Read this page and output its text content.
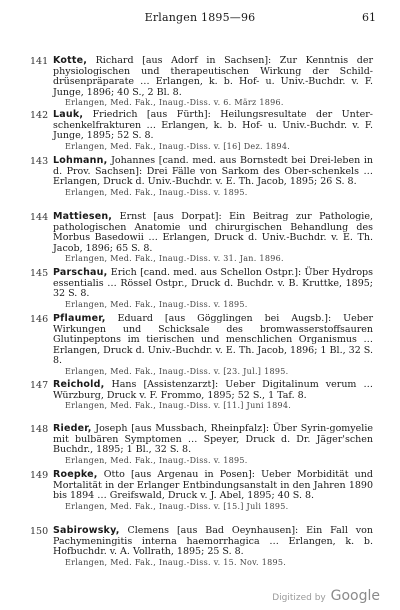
Erlangen 1895—96	61
141 Kotte, Richard [aus Adorf in Sachsen]: Zur Kenntnis der physiologischen und therapeutischen Wirkung der Schild-drüsenpräparate … Erlangen, k. b. Hof- u. Univ.-Buchdr. v. F. Junge, 1896; 40 S., 2 Bl. 8.
Erlangen, Med. Fak., Inaug.-Diss. v. 6. März 1896.
142 Lauk, Friedrich [aus Fürth]: Heilungsresultate der Unter-schenkelfrakturen … Erlangen, k. b. Hof- u. Univ.-Buchdr. v. F. Junge, 1895; 52 S. 8.
Erlangen, Med. Fak., Inaug.-Diss. v. [16] Dez. 1894.
143 Lohmann, Johannes [cand. med. aus Bornstedt bei Drei-leben in d. Prov. Sachsen]: Drei Fälle von Sarkom des Ober-schenkels … Erlangen, Druck d. Univ.-Buchdr. v. E. Th. Jacob, 1895; 26 S. 8.
Erlangen, Med. Fak., Inaug.-Diss. v. 1895.
144 Mattiesen, Ernst [aus Dorpat]: Ein Beitrag zur Pathologie, pathologischen Anatomie und chirurgischen Behandlung des Morbus Basedowii … Erlangen, Druck d. Univ.-Buchdr. v. E. Th. Jacob, 1896; 65 S. 8.
Erlangen, Med. Fak., Inaug.-Diss. v. 31. Jan. 1896.
145 Parschau, Erich [cand. med. aus Schellon Ostpr.]: Über Hydrops essentialis … Rössel Ostpr., Druck d. Buchdr. v. B. Kruttke, 1895; 32 S. 8.
Erlangen, Med. Fak., Inaug.-Diss. v. 1895.
146 Pflaumer, Eduard [aus Gögglingen bei Augsb.]: Ueber Wirkungen und Schicksale des bromwasserstoffsauren Glutinpeptons im tierischen und menschlichen Organismus … Erlangen, Druck d. Univ.-Buchdr. v. E. Th. Jacob, 1896; 1 Bl., 32 S. 8.
Erlangen, Med. Fak., Inaug.-Diss. v. [23. Jul.] 1895.
147 Reichold, Hans [Assistenzarzt]: Ueber Digitalinum verum … Würzburg, Druck v. F. Frommo, 1895; 52 S., 1 Taf. 8.
Erlangen, Med. Fak., Inaug.-Diss. v. [11.] Juni 1894.
148 Rieder, Joseph [aus Mussbach, Rheinpfalz]: Über Syrin-gomyelie mit bulbären Symptomen … Speyer, Druck d. Dr. Jäger'schen Buchdr., 1895; 1 Bl., 32 S. 8.
Erlangen, Med. Fak., Inaug.-Diss. v. 1895.
149 Roepke, Otto [aus Argenau in Posen]: Ueber Morbidität und Mortalität in der Erlanger Entbindungsanstalt in den Jahren 1890 bis 1894 … Greifswald, Druck v. J. Abel, 1895; 40 S. 8.
Erlangen, Med. Fak., Inaug.-Diss. v. [15.] Juli 1895.
150 Sabirowsky, Clemens [aus Bad Oeynhausen]: Ein Fall von Pachymeningitis interna haemorrhagica … Erlangen, k. b. Hofbuchdr. v. A. Vollrath, 1895; 25 S. 8.
Erlangen, Med. Fak., Inaug.-Diss. v. 15. Nov. 1895.
Digitized by Google
